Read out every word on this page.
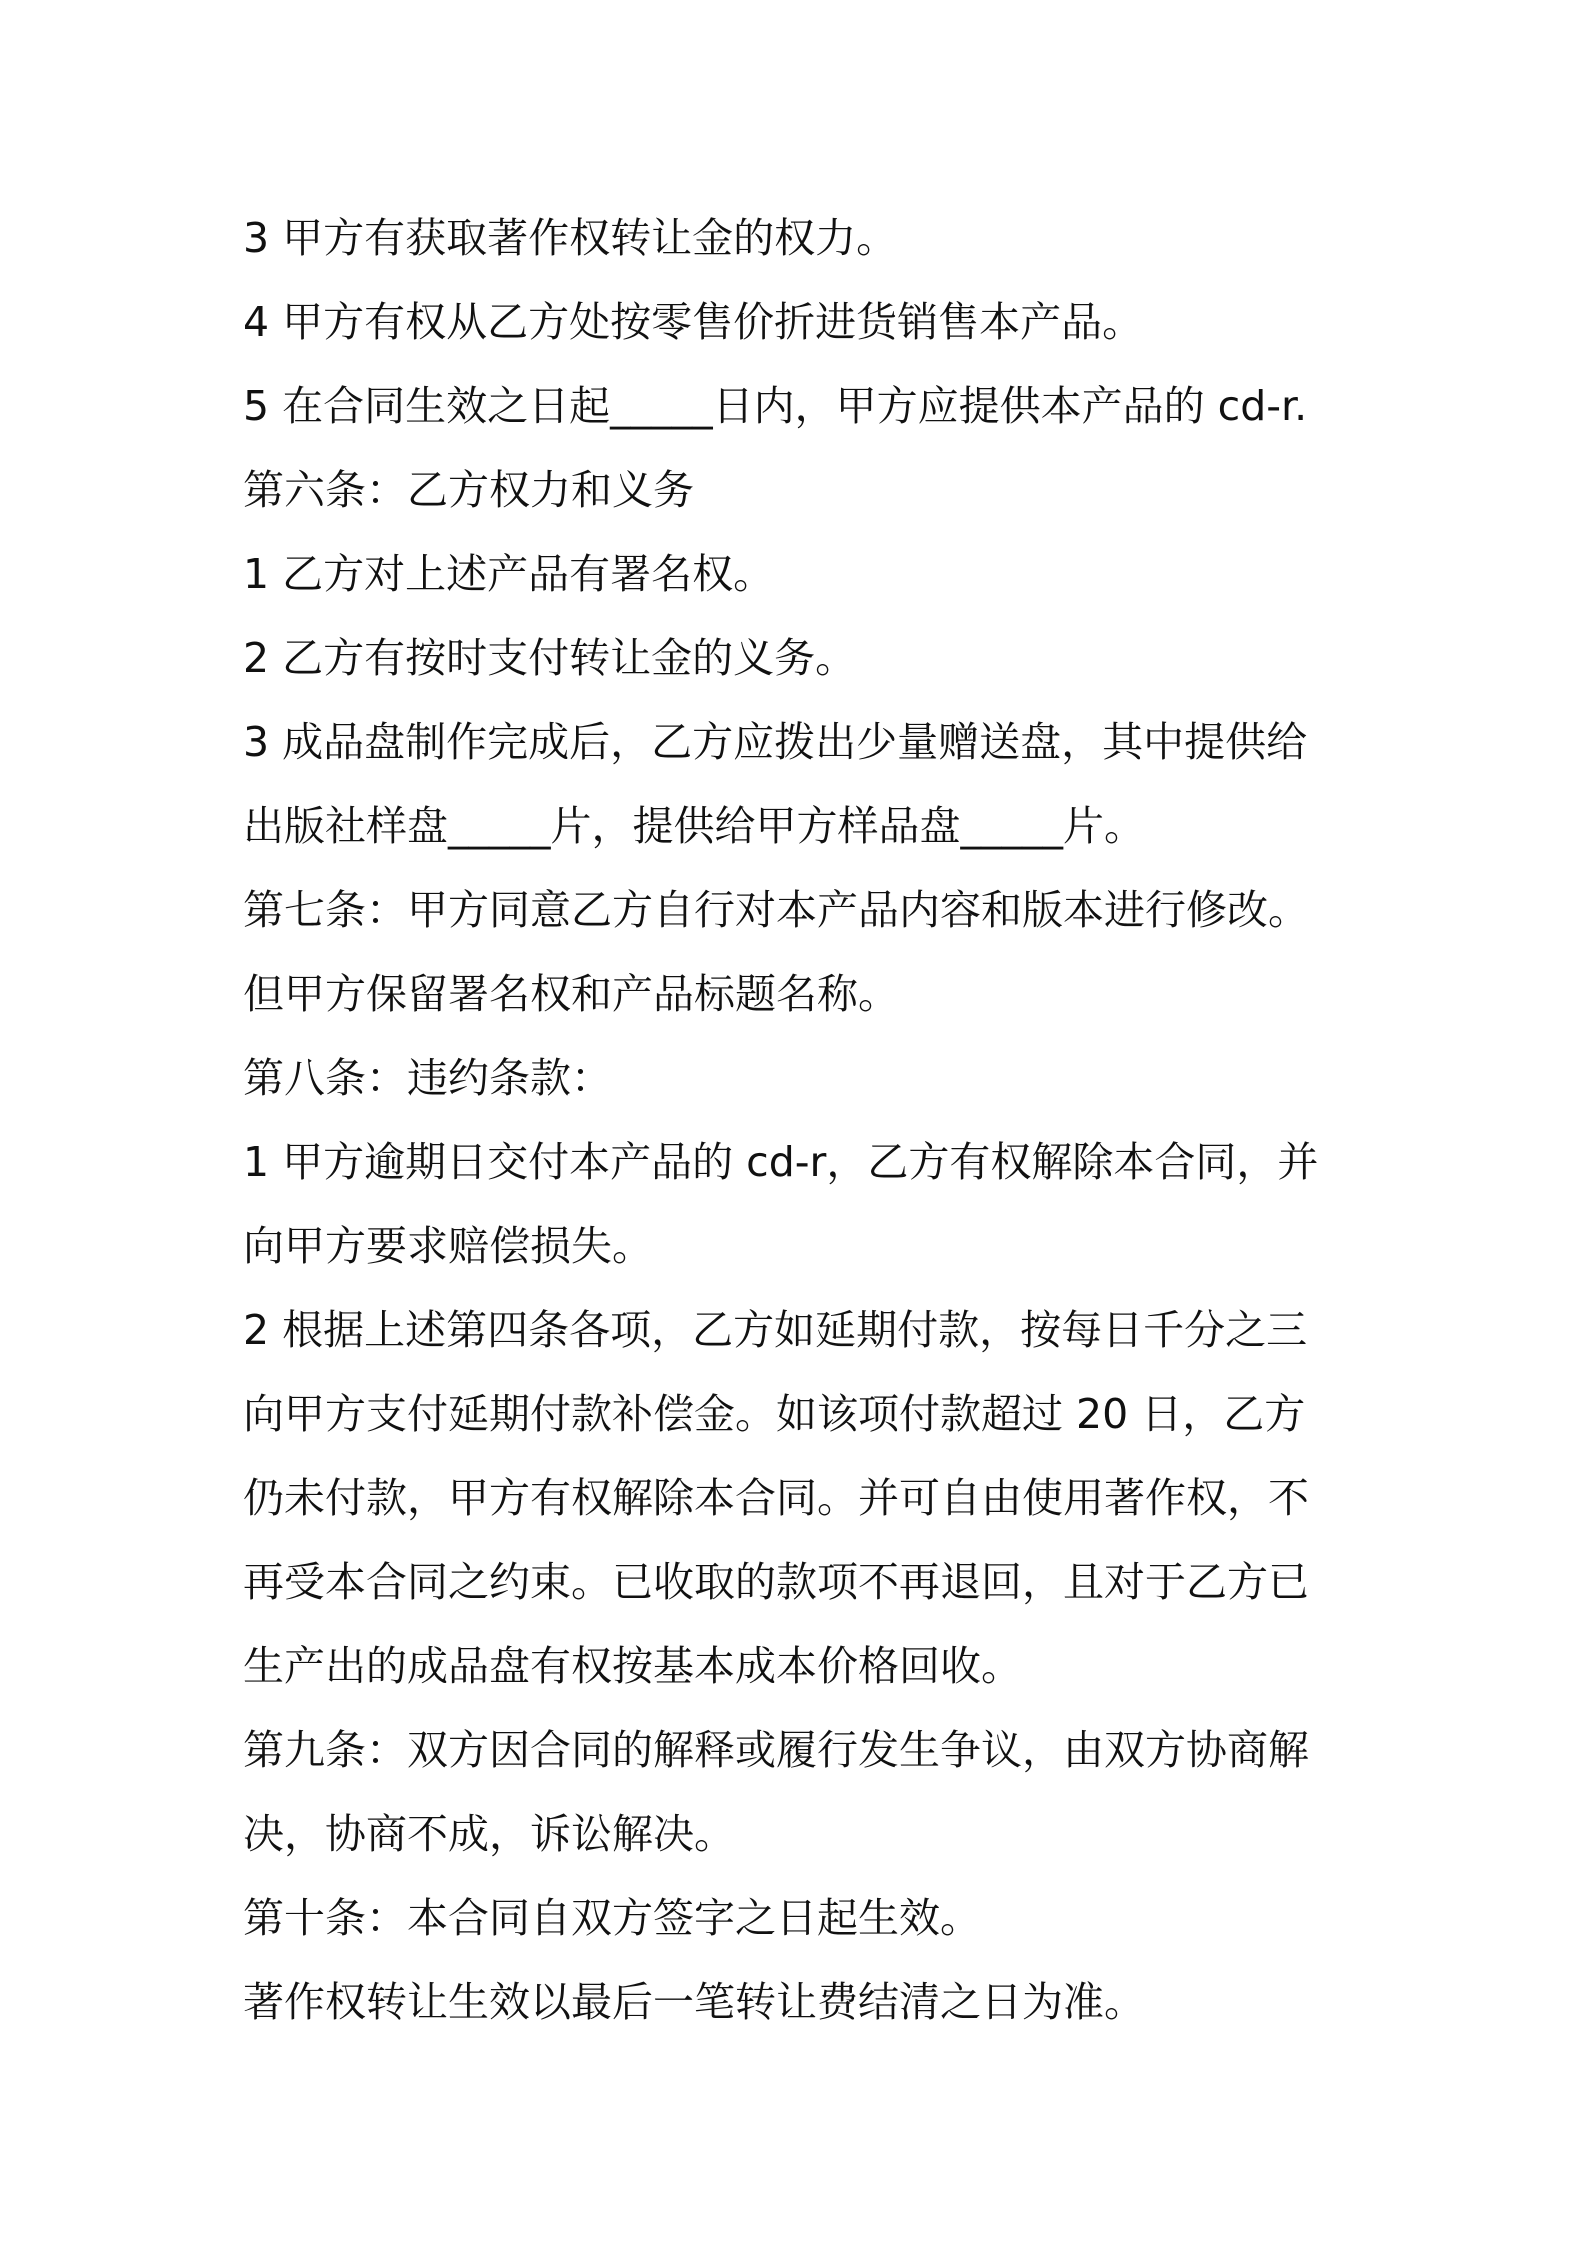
3 甲方有获取著作权转让金的权力。
4 甲方有权从乙方处按零售价折进货销售本产品。
5 在合同生效之日起_____日内，甲方应提供本产品的 cd-r.
第六条：乙方权力和义务
1 乙方对上述产品有署名权。
2 乙方有按时支付转让金的义务。
3 成品盘制作完成后，乙方应拨出少量赠送盘，其中提供给
出版社样盘_____片，提供给甲方样品盘_____片。
第七条：甲方同意乙方自行对本产品内容和版本进行修改。
但甲方保留署名权和产品标题名称。
第八条：违约条款：
1 甲方逾期日交付本产品的 cd-r，乙方有权解除本合同，并
向甲方要求赔偿损失。
2 根据上述第四条各项，乙方如延期付款，按每日千分之三
向甲方支付延期付款补偿金。如该项付款超过 20 日，乙方
仍未付款，甲方有权解除本合同。并可自由使用著作权，不
再受本合同之约束。已收取的款项不再退回，且对于乙方已
生产出的成品盘有权按基本成本价格回收。
第九条：双方因合同的解释或履行发生争议，由双方协商解
决，协商不成，诉讼解决。
第十条：本合同自双方签字之日起生效。
著作权转让生效以最后一笔转让费结清之日为准。
